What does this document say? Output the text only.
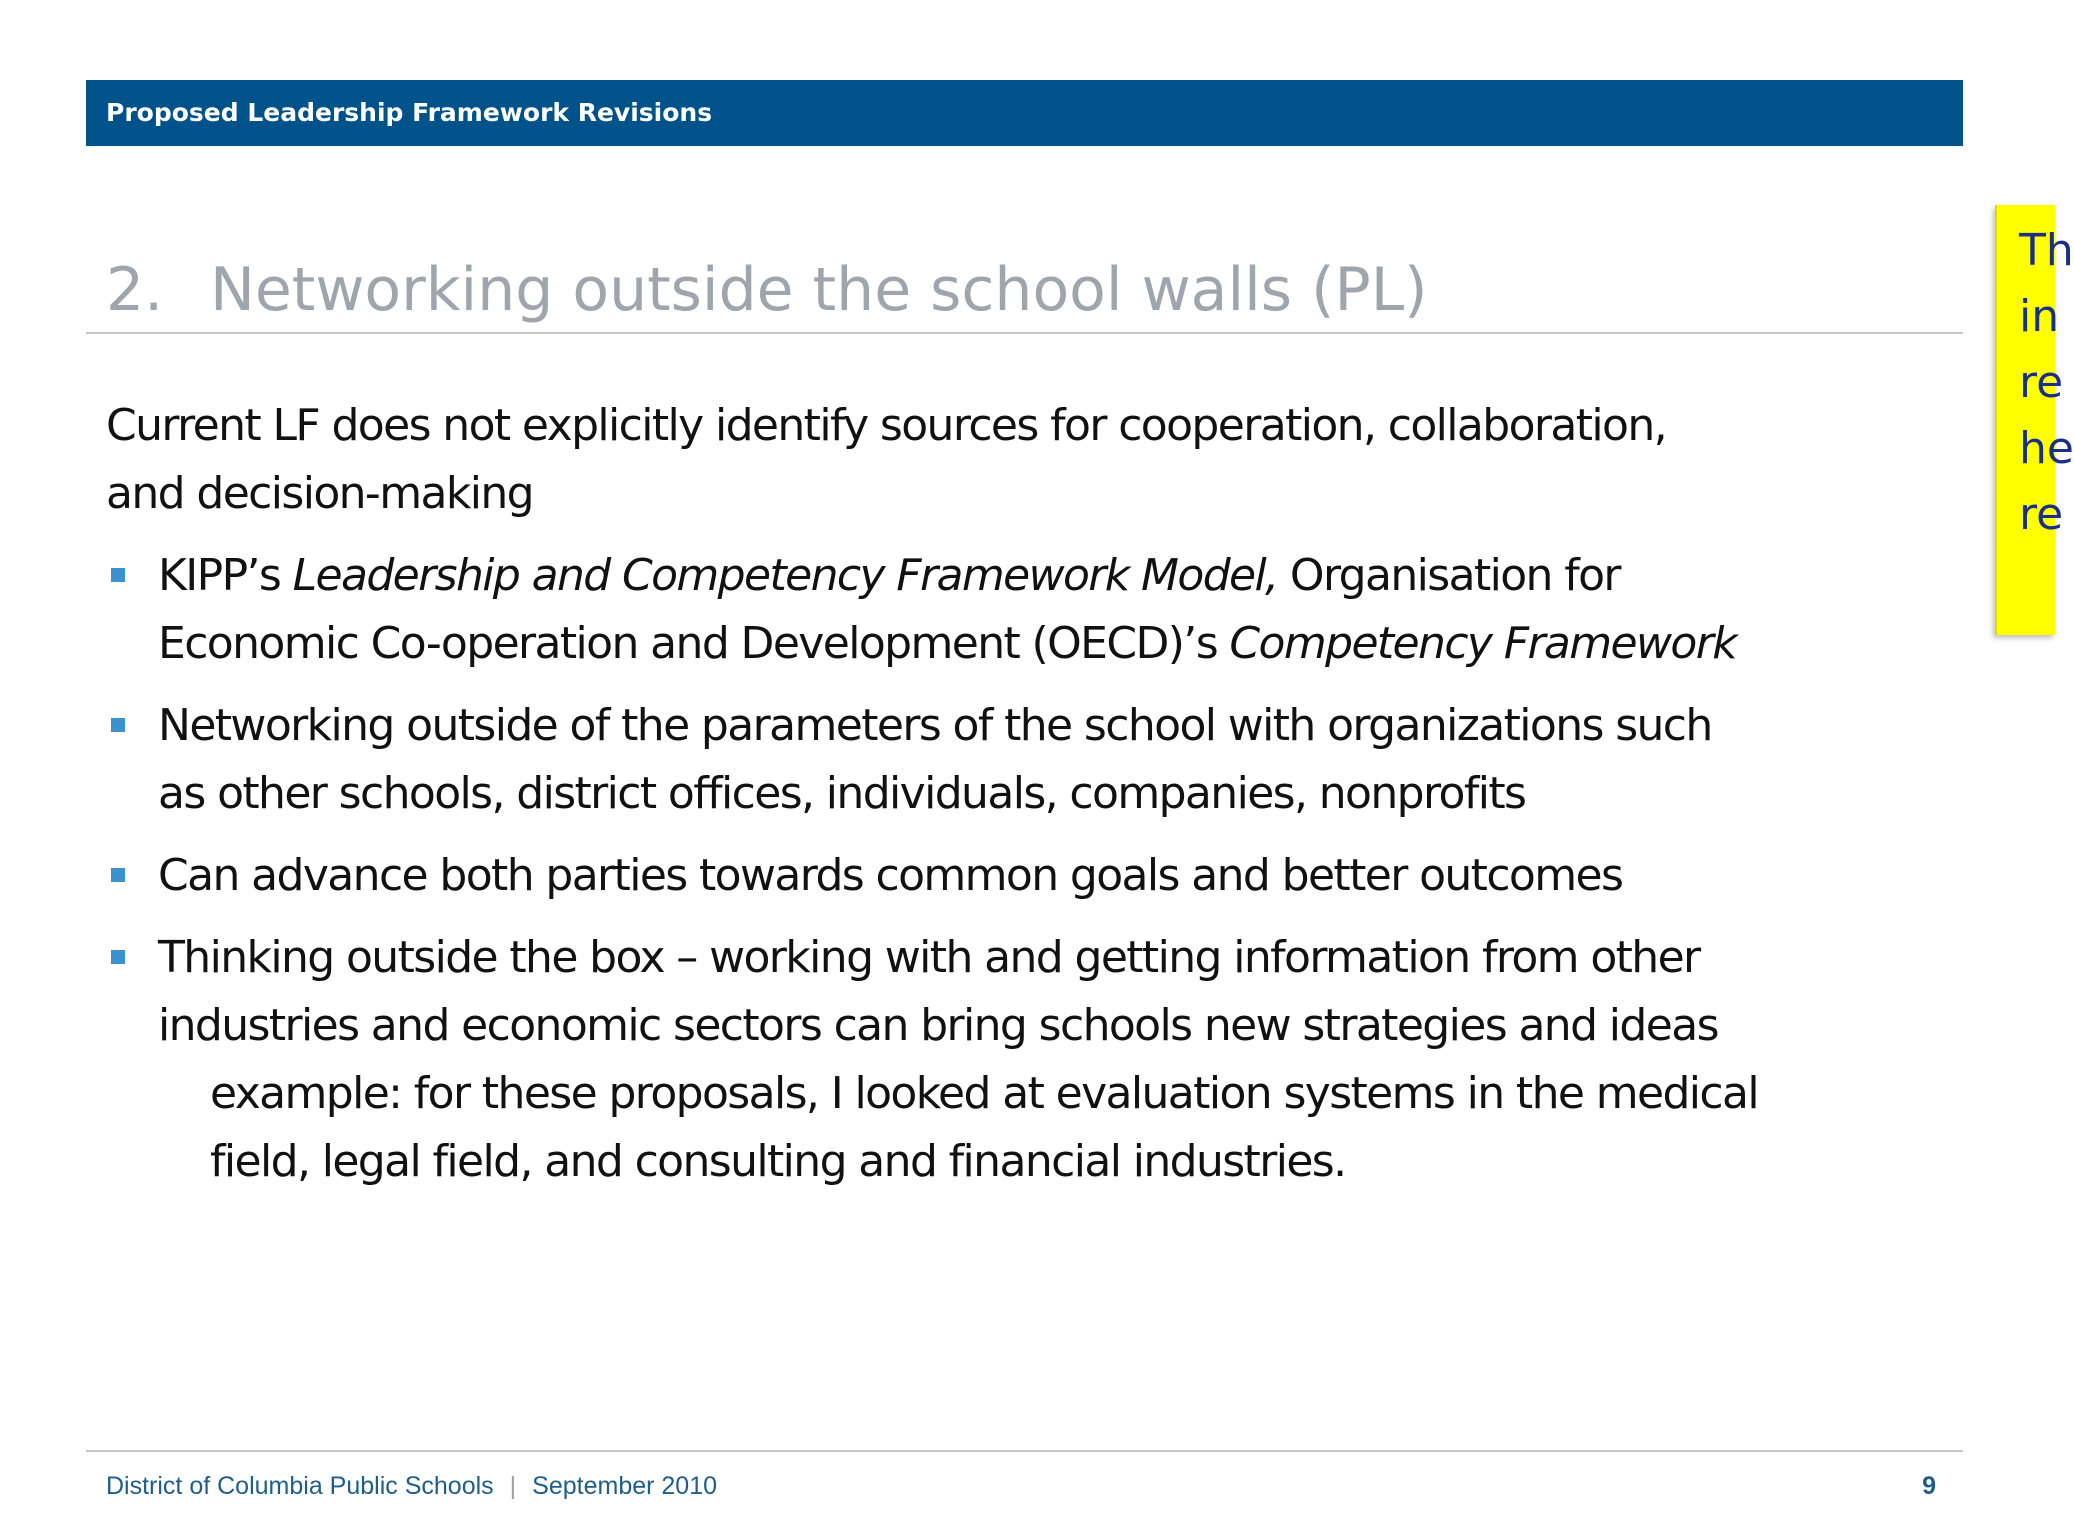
Proposed Leadership Framework Revisions
2. Networking outside the school walls (PL)
Current LF does not explicitly identify sources for cooperation, collaboration,
and decision-making
KIPP’s Leadership and Competency Framework Model, Organisation for
Economic Co-operation and Development (OECD)’s Competency Framework
Networking outside of the parameters of the school with organizations such
as other schools, district offices, individuals, companies, nonprofits
Can advance both parties towards common goals and better outcomes
Thinking outside the box – working with and getting information from other
industries and economic sectors can bring schools new strategies and ideas
example: for these proposals, I looked at evaluation systems in the medical
field, legal field, and consulting and financial industries.
Th
in
re
he
re
District of Columbia Public Schools | September 2010	9
